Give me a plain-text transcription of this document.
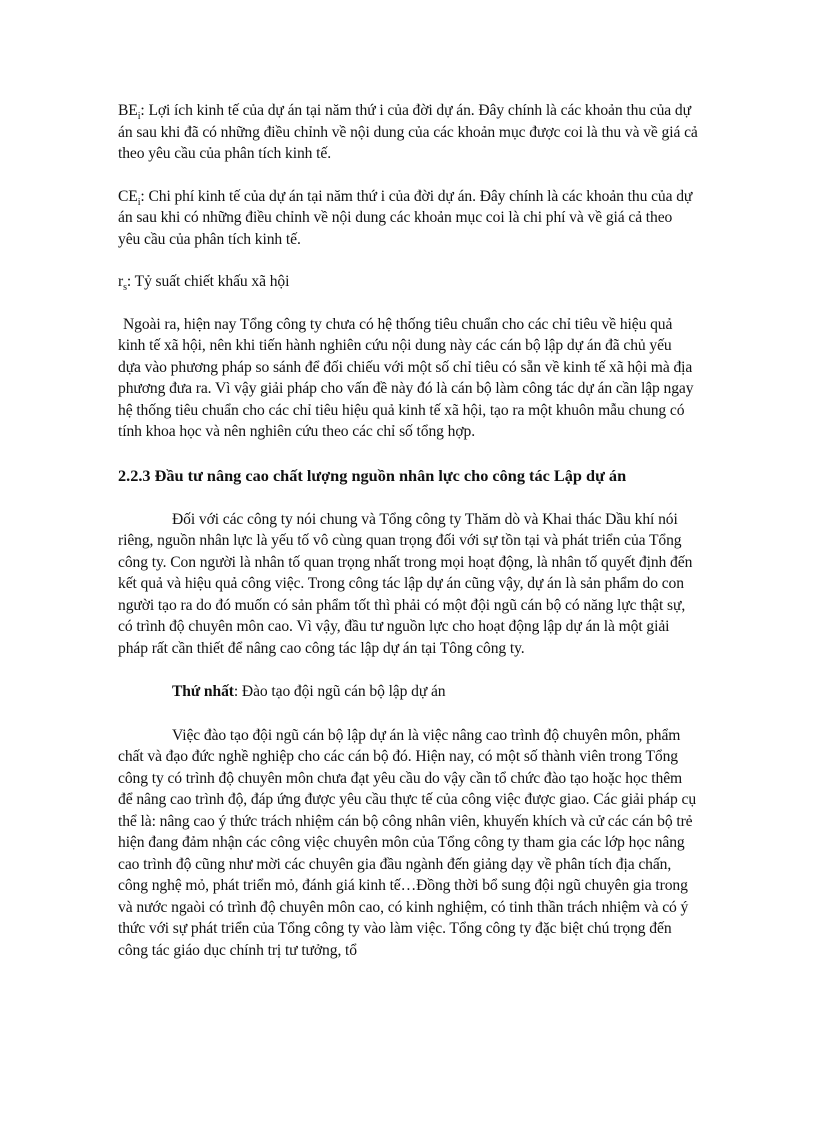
$BE_i$: Lợi ích kinh tế của dự án tại năm thứ i của đời dự án. Đây chính là các khoản thu của dự án sau khi đã có những điều chỉnh về nội dung của các khoản mục được coi là thu và về giá cả theo yêu cầu của phân tích kinh tế.

$CE_i$: Chi phí kinh tế của dự án tại năm thứ i của đời dự án. Đây chính là các khoản thu của dự án sau khi có những điều chỉnh về nội dung các khoản mục coi là chi phí và về giá cả theo yêu cầu của phân tích kinh tế.

$r_s$: Tỷ suất chiết khấu xã hội

Ngoài ra, hiện nay Tổng công ty chưa có hệ thống tiêu chuẩn cho các chỉ tiêu về hiệu quả kinh tế xã hội, nên khi tiến hành nghiên cứu nội dung này các cán bộ lập dự án đã chủ yếu dựa vào phương pháp so sánh để đối chiếu với một số chỉ tiêu có sẵn về kinh tế xã hội mà địa phương đưa ra. Vì vậy giải pháp cho vấn đề này đó là cán bộ làm công tác dự án cần lập ngay hệ thống tiêu chuẩn cho các chỉ tiêu hiệu quả kinh tế xã hội, tạo ra một khuôn mẫu chung có tính khoa học và nên nghiên cứu theo các chỉ số tổng hợp.

2.2.3 Đầu tư nâng cao chất lượng nguồn nhân lực cho công tác Lập dự án

Đối với các công ty nói chung và Tổng công ty Thăm dò và Khai thác Dầu khí nói riêng, nguồn nhân lực là yếu tố vô cùng quan trọng đối với sự tồn tại và phát triển của Tổng công ty. Con người là nhân tố quan trọng nhất trong mọi hoạt động, là nhân tố quyết định đến kết quả và hiệu quả công việc. Trong công tác lập dự án cũng vậy, dự án là sản phẩm do con người tạo ra do đó muốn có sản phẩm tốt thì phải có một đội ngũ cán bộ có năng lực thật sự, có trình độ chuyên môn cao. Vì vậy, đầu tư nguồn lực cho hoạt động lập dự án là một giải pháp rất cần thiết để nâng cao công tác lập dự án tại Tông công ty.

Thứ nhất: Đào tạo đội ngũ cán bộ lập dự án

Việc đào tạo đội ngũ cán bộ lập dự án là việc nâng cao trình độ chuyên môn, phẩm chất và đạo đức nghề nghiệp cho các cán bộ đó. Hiện nay, có một số thành viên trong Tổng công ty có trình độ chuyên môn chưa đạt yêu cầu do vậy cần tổ chức đào tạo hoặc học thêm để nâng cao trình độ, đáp ứng được yêu cầu thực tế của công việc được giao. Các giải pháp cụ thể là: nâng cao ý thức trách nhiệm cán bộ công nhân viên, khuyến khích và cử các cán bộ trẻ hiện đang đảm nhận các công việc chuyên môn của Tổng công ty tham gia các lớp học nâng cao trình độ cũng như mời các chuyên gia đầu ngành đến giảng dạy về phân tích địa chấn, công nghệ mỏ, phát triển mỏ, đánh giá kinh tế…Đồng thời bổ sung đội ngũ chuyên gia trong và nước ngaòi có trình độ chuyên môn cao, có kinh nghiệm, có tinh thần trách nhiệm và có ý thức với sự phát triển của Tổng công ty vào làm việc. Tổng công ty đặc biệt chú trọng đến công tác giáo dục chính trị tư tưởng, tổ
